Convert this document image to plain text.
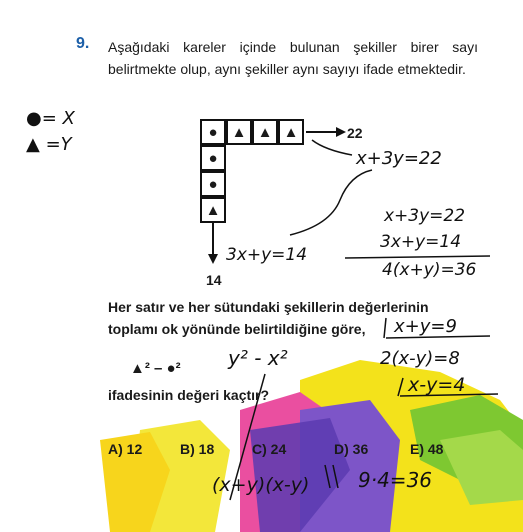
9. Aşağıdaki kareler içinde bulunan şekiller birer sayı belirtmekte olup, aynı şekiller aynı sayıyı ifade etmektedir.
●= X
▲ =Y
● ▲ ▲ ▲
●
●
▲
22
14
x+3y=22
3x+y=14
x+3y=22
3x+y=14
4(x+y)=36
Her satır ve her sütundaki şekillerin değerlerinin toplamı ok yönünde belirtildiğine göre,	x+y=9
2(x-y)=8
x-y=4
▲² – ●² y² - x²
ifadesinin değeri kaçtır?
A) 12	B) 18	C) 24	D) 36	E) 48
(x+y)(x-y) 9·4=36
